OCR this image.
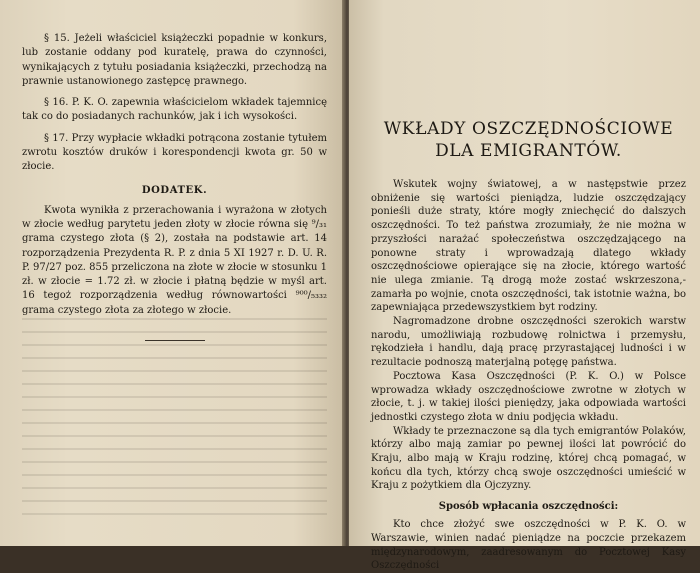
§ 15. Jeżeli właściciel książeczki popadnie w konkurs, lub zostanie oddany pod kuratelę, prawa do czynności, wynikających z tytułu posiadania książeczki, przechodzą na prawnie ustanowionego zastępcę prawnego.

§ 16. P. K. O. zapewnia właścicielom wkładek tajemnicę tak co do posiadanych rachunków, jak i ich wysokości.

§ 17. Przy wypłacie wkładki potrącona zostanie tytułem zwrotu kosztów druków i korespondencji kwota gr. 50 w złocie.

DODATEK.

Kwota wynikła z przerachowania i wyrażona w złotych w złocie według parytetu jeden złoty w złocie równa się ⁹/₃₁ grama czystego złota (§ 2), została na podstawie art. 14 rozporządzenia Prezydenta R. P. z dnia 5 XI 1927 r. D. U. R. P. 97/27 poz. 855 przeliczona na złote w złocie w stosunku 1 zł. w złocie = 1.72 zł. w złocie i płatną będzie w myśl art. 16 tegoż rozporządzenia według równowartości ⁹⁰⁰/₅₃₃₂ grama czystego złota za złotego w złocie.

WKŁADY OSZCZĘDNOŚCIOWE
DLA EMIGRANTÓW.

Wskutek wojny światowej, a w następstwie przez obniżenie się wartości pieniądza, ludzie oszczędzający ponieśli duże straty, które mogły zniechęcić do dalszych oszczędności. To też państwa zrozumiały, że nie można w przyszłości narażać społeczeństwa oszczędzającego na ponowne straty i wprowadzają dlatego wkłady oszczędnościowe opierające się na złocie, którego wartość nie ulega zmianie. Tą drogą może zostać wskrzeszona,- zamarła po wojnie, cnota oszczędności, tak istotnie ważna, bo zapewniająca przedewszystkiem byt rodziny.

Nagromadzone drobne oszczędności szerokich warstw narodu, umożliwiają rozbudowę rolnictwa i przemysłu, rękodzieła i handlu, dają pracę przyrastającej ludności i w rezultacie podnoszą materjalną potęgę państwa.

Pocztowa Kasa Oszczędności (P. K. O.) w Polsce wprowadza wkłady oszczędnościowe zwrotne w złotych w złocie, t. j. w takiej ilości pieniędzy, jaka odpowiada wartości jednostki czystego złota w dniu podjęcia wkładu.

Wkłady te przeznaczone są dla tych emigrantów Polaków, którzy albo mają zamiar po pewnej ilości lat powrócić do Kraju, albo mają w Kraju rodzinę, której chcą pomagać, w końcu dla tych, którzy chcą swoje oszczędności umieścić w Kraju z pożytkiem dla Ojczyzny.

Sposób wpłacania oszczędności:

Kto chce złożyć swe oszczędności w P. K. O. w Warszawie, winien nadać pieniądze na poczcie przekazem międzynarodowym, zaadresowanym do Pocztowej Kasy Oszczędności
